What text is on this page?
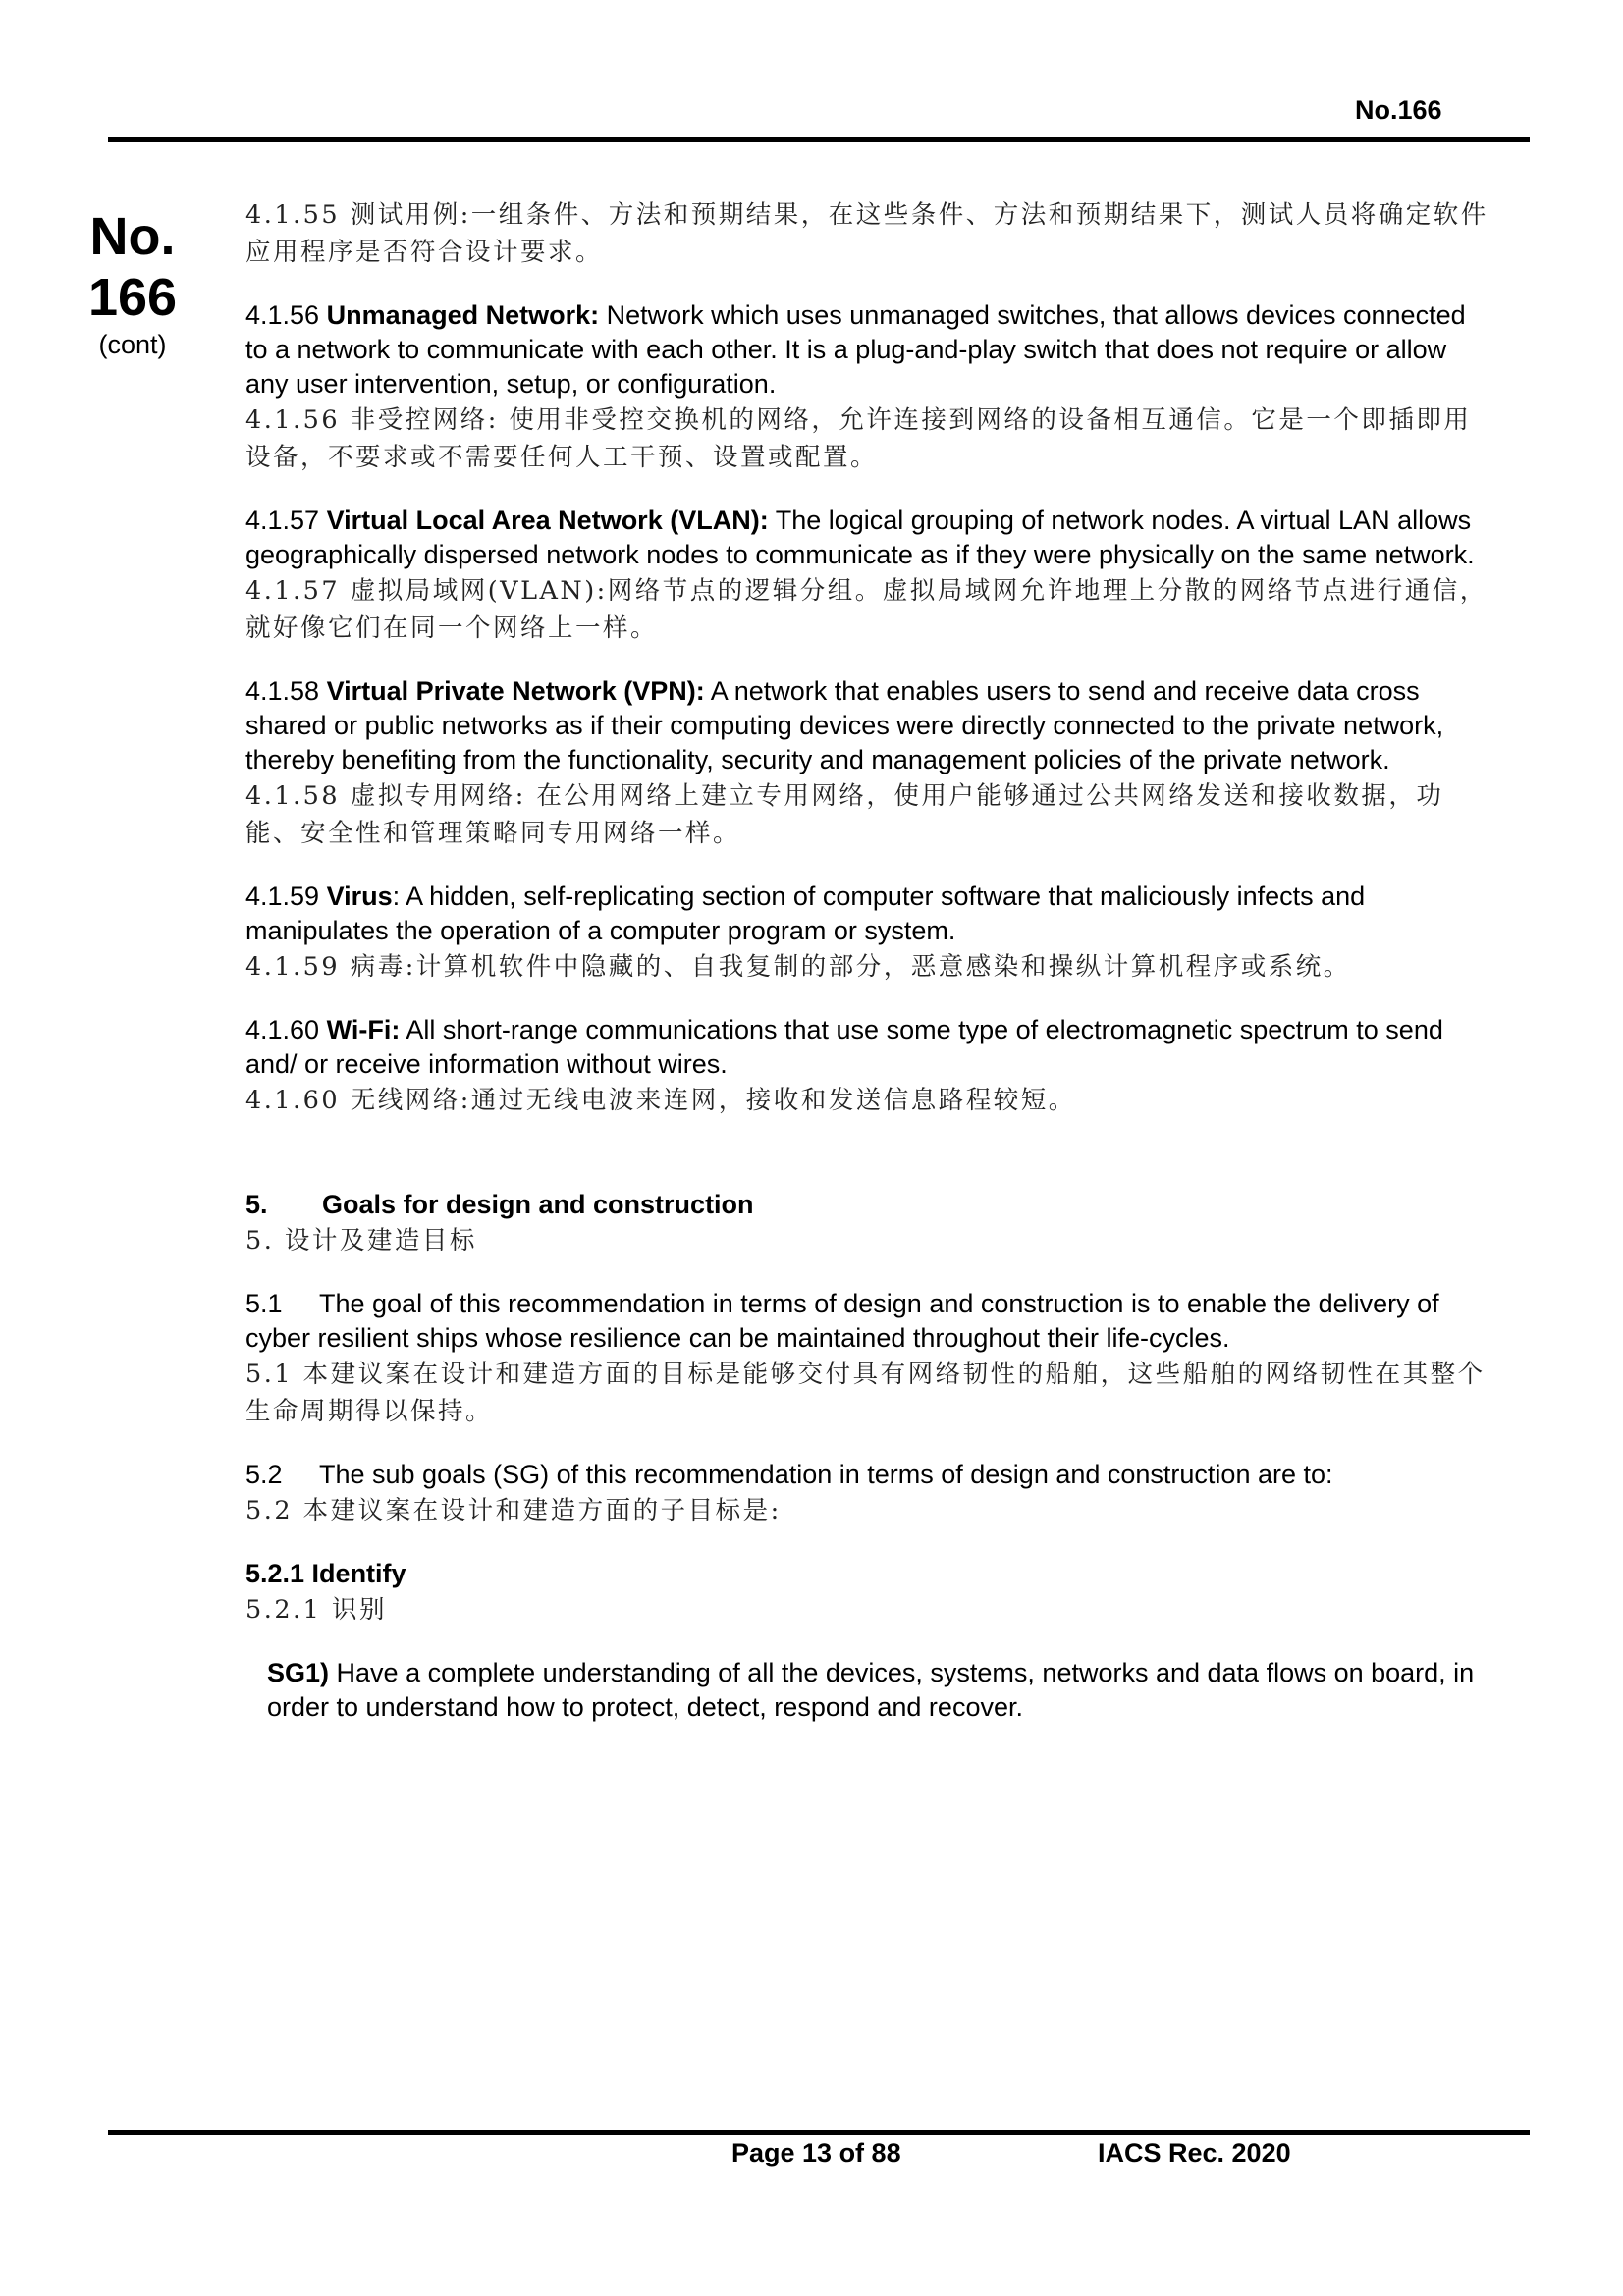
No.166
No.
166
(cont)
4.1.55 测试用例:一组条件、方法和预期结果，在这些条件、方法和预期结果下，测试人员将确定软件应用程序是否符合设计要求。
4.1.56 Unmanaged Network: Network which uses unmanaged switches, that allows devices connected to a network to communicate with each other. It is a plug-and-play switch that does not require or allow any user intervention, setup, or configuration.
4.1.56 非受控网络: 使用非受控交换机的网络，允许连接到网络的设备相互通信。它是一个即插即用设备，不要求或不需要任何人工干预、设置或配置。
4.1.57 Virtual Local Area Network (VLAN): The logical grouping of network nodes. A virtual LAN allows geographically dispersed network nodes to communicate as if they were physically on the same network.
4.1.57 虚拟局域网(VLAN):网络节点的逻辑分组。虚拟局域网允许地理上分散的网络节点进行通信，就好像它们在同一个网络上一样。
4.1.58 Virtual Private Network (VPN): A network that enables users to send and receive data cross shared or public networks as if their computing devices were directly connected to the private network, thereby benefiting from the functionality, security and management policies of the private network.
4.1.58 虚拟专用网络: 在公用网络上建立专用网络，使用户能够通过公共网络发送和接收数据，功能、安全性和管理策略同专用网络一样。
4.1.59 Virus: A hidden, self-replicating section of computer software that maliciously infects and manipulates the operation of a computer program or system.
4.1.59 病毒:计算机软件中隐藏的、自我复制的部分，恶意感染和操纵计算机程序或系统。
4.1.60 Wi-Fi: All short-range communications that use some type of electromagnetic spectrum to send and/ or receive information without wires.
4.1.60 无线网络:通过无线电波来连网，接收和发送信息路程较短。
5. Goals for design and construction
5. 设计及建造目标
5.1 The goal of this recommendation in terms of design and construction is to enable the delivery of cyber resilient ships whose resilience can be maintained throughout their life-cycles.
5.1 本建议案在设计和建造方面的目标是能够交付具有网络韧性的船舶，这些船舶的网络韧性在其整个生命周期得以保持。
5.2 The sub goals (SG) of this recommendation in terms of design and construction are to:
5.2 本建议案在设计和建造方面的子目标是:
5.2.1 Identify
5.2.1 识别
SG1) Have a complete understanding of all the devices, systems, networks and data flows on board, in order to understand how to protect, detect, respond and recover.
Page 13 of 88	IACS Rec. 2020
